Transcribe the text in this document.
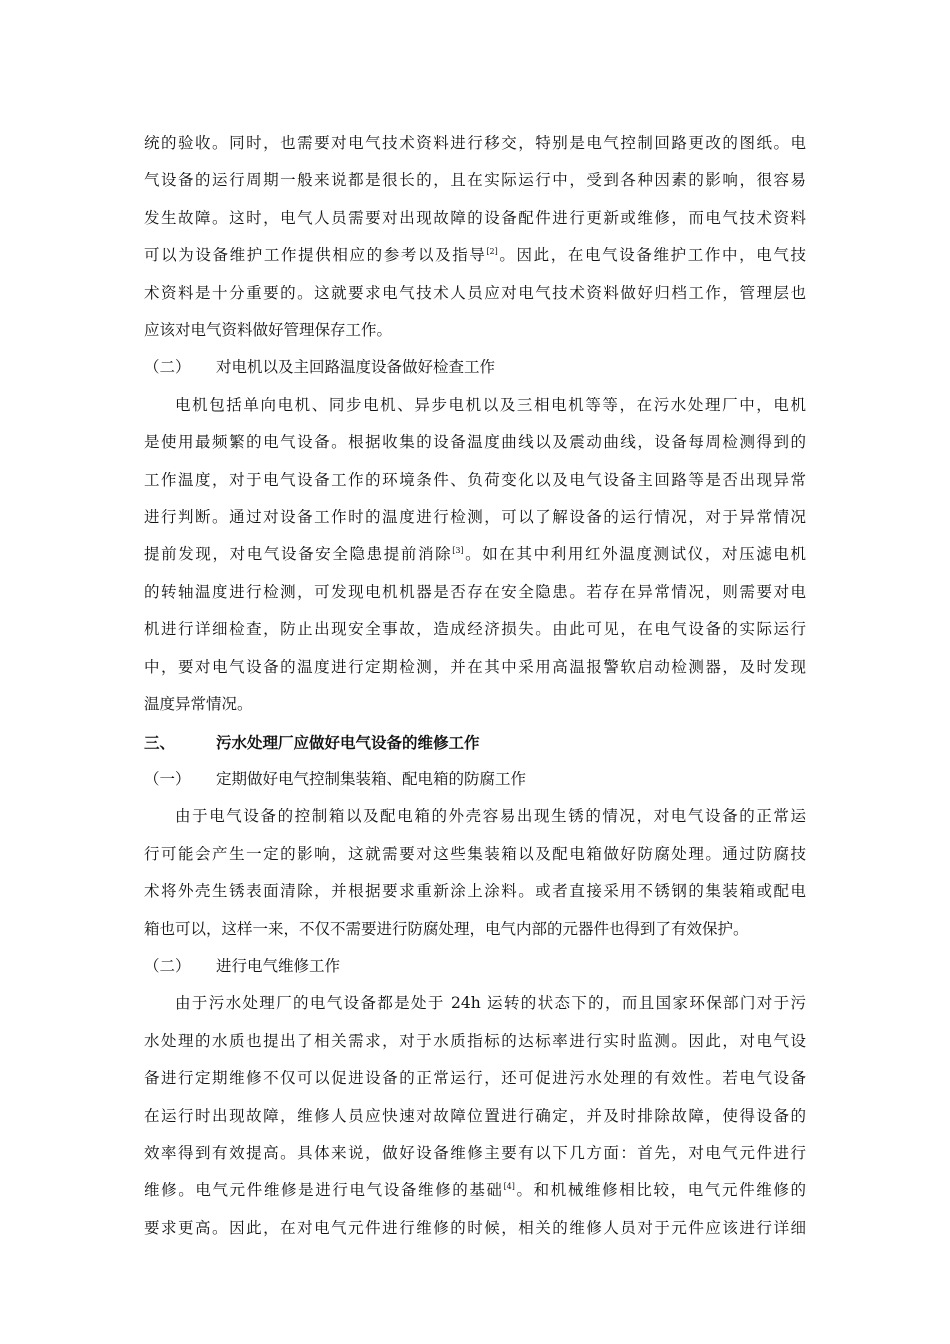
统的验收。同时，也需要对电气技术资料进行移交，特别是电气控制回路更改的图纸。电
气设备的运行周期一般来说都是很长的，且在实际运行中，受到各种因素的影响，很容易
发生故障。这时，电气人员需要对出现故障的设备配件进行更新或维修，而电气技术资料
可以为设备维护工作提供相应的参考以及指导[2]。因此，在电气设备维护工作中，电气技
术资料是十分重要的。这就要求电气技术人员应对电气技术资料做好归档工作，管理层也
应该对电气资料做好管理保存工作。
（二） 对电机以及主回路温度设备做好检查工作
电机包括单向电机、同步电机、异步电机以及三相电机等等，在污水处理厂中，电机
是使用最频繁的电气设备。根据收集的设备温度曲线以及震动曲线，设备每周检测得到的
工作温度，对于电气设备工作的环境条件、负荷变化以及电气设备主回路等是否出现异常
进行判断。通过对设备工作时的温度进行检测，可以了解设备的运行情况，对于异常情况
提前发现，对电气设备安全隐患提前消除[3]。如在其中利用红外温度测试仪，对压滤电机
的转轴温度进行检测，可发现电机机器是否存在安全隐患。若存在异常情况，则需要对电
机进行详细检查，防止出现安全事故，造成经济损失。由此可见，在电气设备的实际运行
中，要对电气设备的温度进行定期检测，并在其中采用高温报警软启动检测器，及时发现
温度异常情况。
三、	污水处理厂应做好电气设备的维修工作
（一） 定期做好电气控制集装箱、配电箱的防腐工作
由于电气设备的控制箱以及配电箱的外壳容易出现生锈的情况，对电气设备的正常运
行可能会产生一定的影响，这就需要对这些集装箱以及配电箱做好防腐处理。通过防腐技
术将外壳生锈表面清除，并根据要求重新涂上涂料。或者直接采用不锈钢的集装箱或配电
箱也可以，这样一来，不仅不需要进行防腐处理，电气内部的元器件也得到了有效保护。
（二） 进行电气维修工作
由于污水处理厂的电气设备都是处于 24h 运转的状态下的，而且国家环保部门对于污
水处理的水质也提出了相关需求，对于水质指标的达标率进行实时监测。因此，对电气设
备进行定期维修不仅可以促进设备的正常运行，还可促进污水处理的有效性。若电气设备
在运行时出现故障，维修人员应快速对故障位置进行确定，并及时排除故障，使得设备的
效率得到有效提高。具体来说，做好设备维修主要有以下几方面：首先，对电气元件进行
维修。电气元件维修是进行电气设备维修的基础[4]。和机械维修相比较，电气元件维修的
要求更高。因此，在对电气元件进行维修的时候，相关的维修人员对于元件应该进行详细
